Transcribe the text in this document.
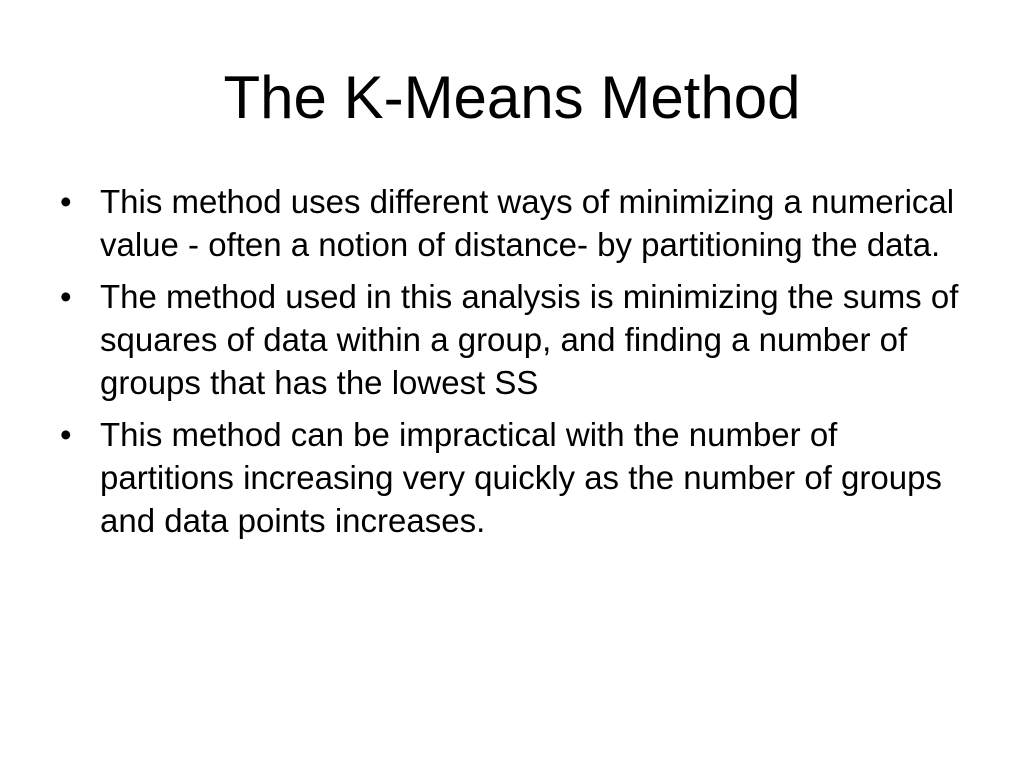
The K-Means Method
• This method uses different ways of minimizing a numerical value - often a notion of distance- by partitioning the data.
• The method used in this analysis is minimizing the sums of squares of data within a group, and finding a number of groups that has the lowest SS
• This method can be impractical with the number of partitions increasing very quickly as the number of groups and data points increases.
